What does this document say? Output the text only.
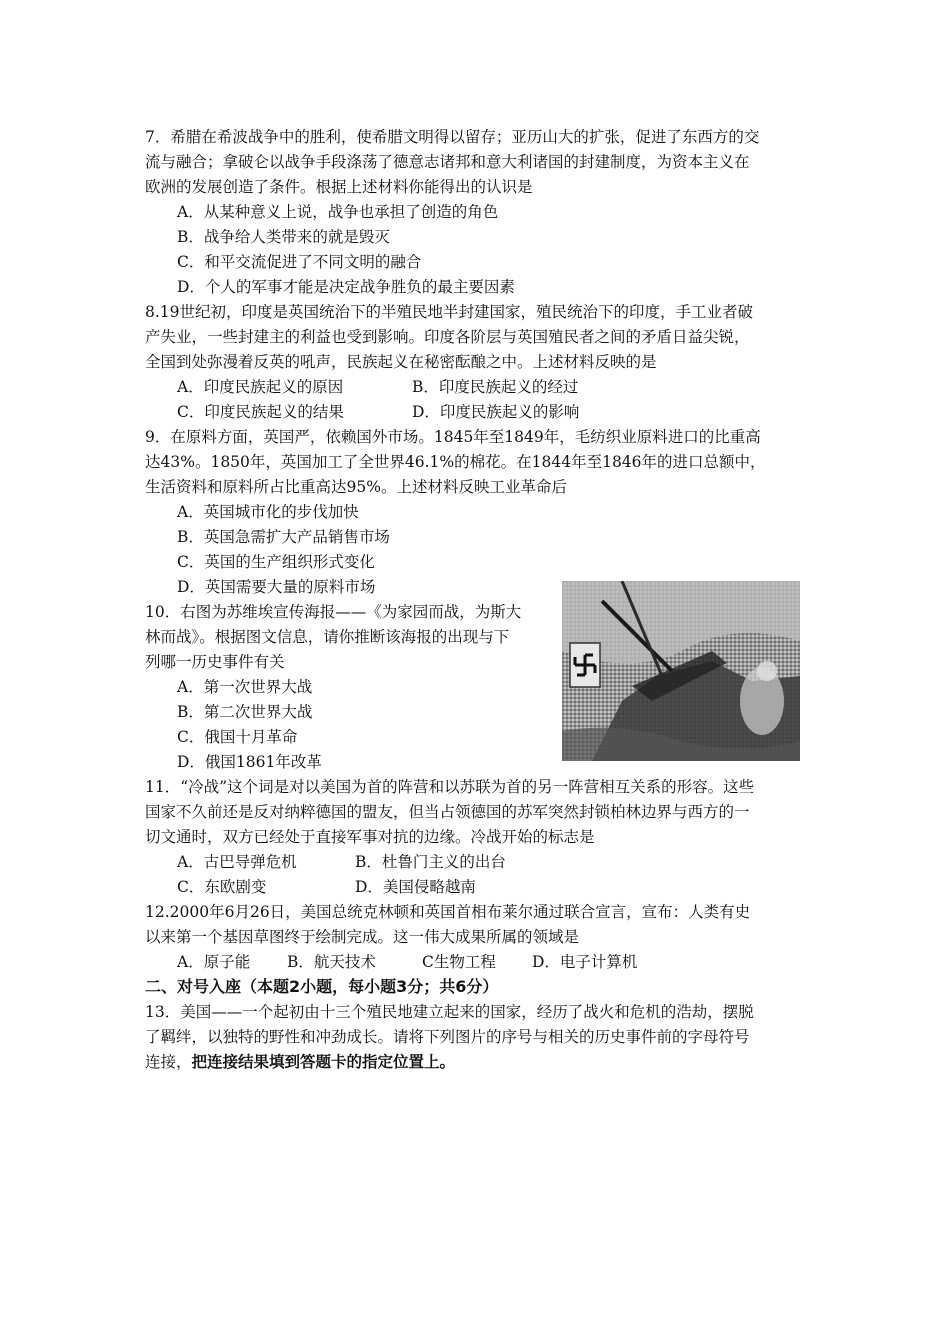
7．希腊在希波战争中的胜利，使希腊文明得以留存；亚历山大的扩张，促进了东西方的交
流与融合；拿破仑以战争手段涤荡了德意志诸邦和意大利诸国的封建制度，为资本主义在
欧洲的发展创造了条件。根据上述材料你能得出的认识是
A．从某种意义上说，战争也承担了创造的角色
B．战争给人类带来的就是毁灭
C．和平交流促进了不同文明的融合
D．个人的军事才能是决定战争胜负的最主要因素
8.19世纪初，印度是英国统治下的半殖民地半封建国家，殖民统治下的印度，手工业者破
产失业，一些封建主的利益也受到影响。印度各阶层与英国殖民者之间的矛盾日益尖锐，
全国到处弥漫着反英的吼声，民族起义在秘密酝酿之中。上述材料反映的是
A．印度民族起义的原因	B．印度民族起义的经过
C．印度民族起义的结果	D．印度民族起义的影响
9．在原料方面，英国严，依赖国外市场。1845年至1849年，毛纺织业原料进口的比重高
达43%。1850年，英国加工了全世界46.1%的棉花。在1844年至1846年的进口总额中，
生活资料和原料所占比重高达95%。上述材料反映工业革命后
A．英国城市化的步伐加快
B．英国急需扩大产品销售市场
C．英国的生产组织形式变化
D．英国需要大量的原料市场
10．右图为苏维埃宣传海报——《为家园而战，为斯大
林而战》。根据图文信息，请你推断该海报的出现与下
列哪一历史事件有关
A．第一次世界大战
B．第二次世界大战
C．俄国十月革命
D．俄国1861年改革
11．“冷战”这个词是对以美国为首的阵营和以苏联为首的另一阵营相互关系的形容。这些
国家不久前还是反对纳粹德国的盟友，但当占领德国的苏军突然封锁柏林边界与西方的一
切文通时，双方已经处于直接军事对抗的边缘。冷战开始的标志是
A．古巴导弹危机	B．杜鲁门主义的出台
C．东欧剧变	D．美国侵略越南
12.2000年6月26日，美国总统克林顿和英国首相布莱尔通过联合宣言，宣布：人类有史
以来第一个基因草图终于绘制完成。这一伟大成果所属的领域是
A．原子能 B．航天技术	C生物工程 D．电子计算机
二、对号入座（本题2小题，每小题3分；共6分）
13．美国——一个起初由十三个殖民地建立起来的国家，经历了战火和危机的浩劫，摆脱
了羁绊，以独特的野性和冲劲成长。请将下列图片的序号与相关的历史事件前的字母符号
连接，把连接结果填到答题卡的指定位置上。
